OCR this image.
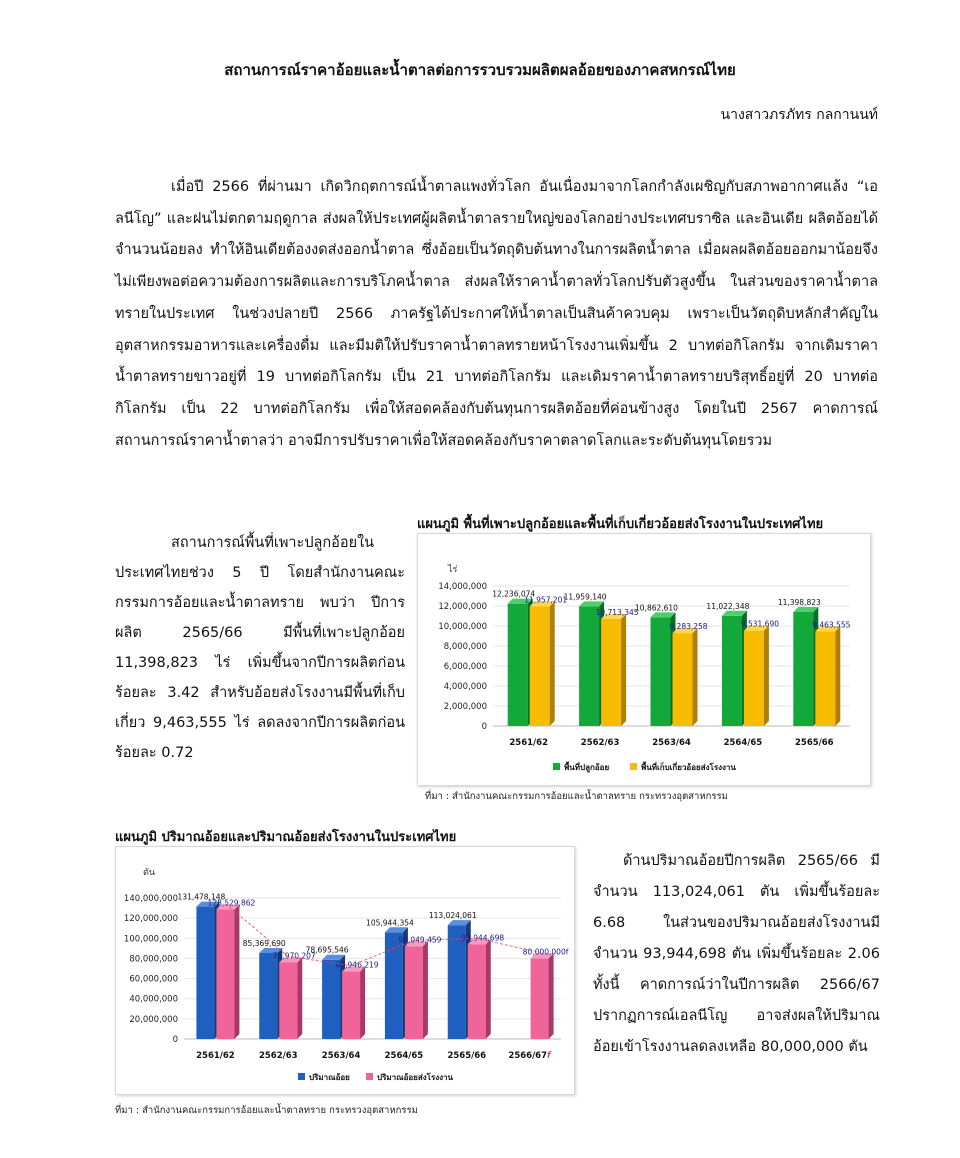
สถานการณ์ราคาอ้อยและน้ำตาลต่อการรวบรวมผลิตผลอ้อยของภาคสหกรณ์ไทย
นางสาวภรภัทร กลกานนท์

เมื่อปี 2566 ที่ผ่านมา เกิดวิกฤตการณ์น้ำตาลแพงทั่วโลก อันเนื่องมาจากโลกกำลังเผชิญกับสภาพอากาศแล้ง “เอลนีโญ” และฝนไม่ตกตามฤดูกาล ส่งผลให้ประเทศผู้ผลิตน้ำตาลรายใหญ่ของโลกอย่างประเทศบราซิล และอินเดีย ผลิตอ้อยได้จำนวนน้อยลง ทำให้อินเดียต้องงดส่งออกน้ำตาล ซึ่งอ้อยเป็นวัตถุดิบต้นทางในการผลิตน้ำตาล เมื่อผลผลิตอ้อยออกมาน้อยจึงไม่เพียงพอต่อความต้องการผลิตและการบริโภคน้ำตาล ส่งผลให้ราคาน้ำตาลทั่วโลกปรับตัวสูงขึ้น ในส่วนของราคาน้ำตาลทรายในประเทศ ในช่วงปลายปี 2566 ภาครัฐได้ประกาศให้น้ำตาลเป็นสินค้าควบคุม เพราะเป็นวัตถุดิบหลักสำคัญในอุตสาหกรรมอาหารและเครื่องดื่ม และมีมติให้ปรับราคาน้ำตาลทรายหน้าโรงงานเพิ่มขึ้น 2 บาทต่อกิโลกรัม จากเดิมราคาน้ำตาลทรายขาวอยู่ที่ 19 บาทต่อกิโลกรัม เป็น 21 บาทต่อกิโลกรัม และเดิมราคาน้ำตาลทรายบริสุทธิ์อยู่ที่ 20 บาทต่อกิโลกรัม เป็น 22 บาทต่อกิโลกรัม เพื่อให้สอดคล้องกับต้นทุนการผลิตอ้อยที่ค่อนข้างสูง โดยในปี 2567 คาดการณ์สถานการณ์ราคาน้ำตาลว่า อาจมีการปรับราคาเพื่อให้สอดคล้องกับราคาตลาดโลกและระดับต้นทุนโดยรวม

สถานการณ์พื้นที่เพาะปลูกอ้อยในประเทศไทยช่วง 5 ปี โดยสำนักงานคณะกรรมการอ้อยและน้ำตาลทราย พบว่า ปีการผลิต 2565/66 มีพื้นที่เพาะปลูกอ้อย 11,398,823 ไร่ เพิ่มขึ้นจากปีการผลิตก่อน ร้อยละ 3.42 สำหรับอ้อยส่งโรงงานมีพื้นที่เก็บเกี่ยว 9,463,555 ไร่ ลดลงจากปีการผลิตก่อน ร้อยละ 0.72

แผนภูมิ พื้นที่เพาะปลูกอ้อยและพื้นที่เก็บเกี่ยวอ้อยส่งโรงงานในประเทศไทย
ไร่
0
2,000,000
4,000,000
6,000,000
8,000,000
10,000,000
12,000,000
14,000,000
2561/62	2562/63	2563/64	2564/65	2565/66
12,236,074	11,959,140
10,862,610	11,022,348	11,398,823
11,957,201
10,713,345
9,283,258	9,531,690	9,463,555
พื้นที่ปลูกอ้อย	พื้นที่เก็บเกี่ยวอ้อยส่งโรงงาน
ที่มา : สำนักงานคณะกรรมการอ้อยและน้ำตาลทราย กระทรวงอุตสาหกรรม
แผนภูมิ ปริมาณอ้อยและปริมาณอ้อยส่งโรงงานในประเทศไทย
ตัน
0
20,000,000
40,000,000
60,000,000
80,000,000
100,000,000
120,000,000
140,000,000
2561/62	2562/63	2563/64	2564/65	2565/66	2566/67f
131,478,148
85,369,690
78,695,546
105,944,354
113,024,061
128,529,862
75,970,207
66,946,219
92,049,459	93,944,698
80,000,000f
ปริมาณอ้อย	ปริมาณอ้อยส่งโรงงาน
ที่มา : สำนักงานคณะกรรมการอ้อยและน้ำตาลทราย กระทรวงอุตสาหกรรม

ด้านปริมาณอ้อยปีการผลิต 2565/66 มีจำนวน 113,024,061 ตัน เพิ่มขึ้นร้อยละ 6.68 ในส่วนของปริมาณอ้อยส่งโรงงานมีจำนวน 93,944,698 ตัน เพิ่มขึ้นร้อยละ 2.06 ทั้งนี้ คาดการณ์ว่าในปีการผลิต 2566/67 ปรากฏการณ์เอลนีโญ อาจส่งผลให้ปริมาณอ้อยเข้าโรงงานลดลงเหลือ 80,000,000 ตัน
